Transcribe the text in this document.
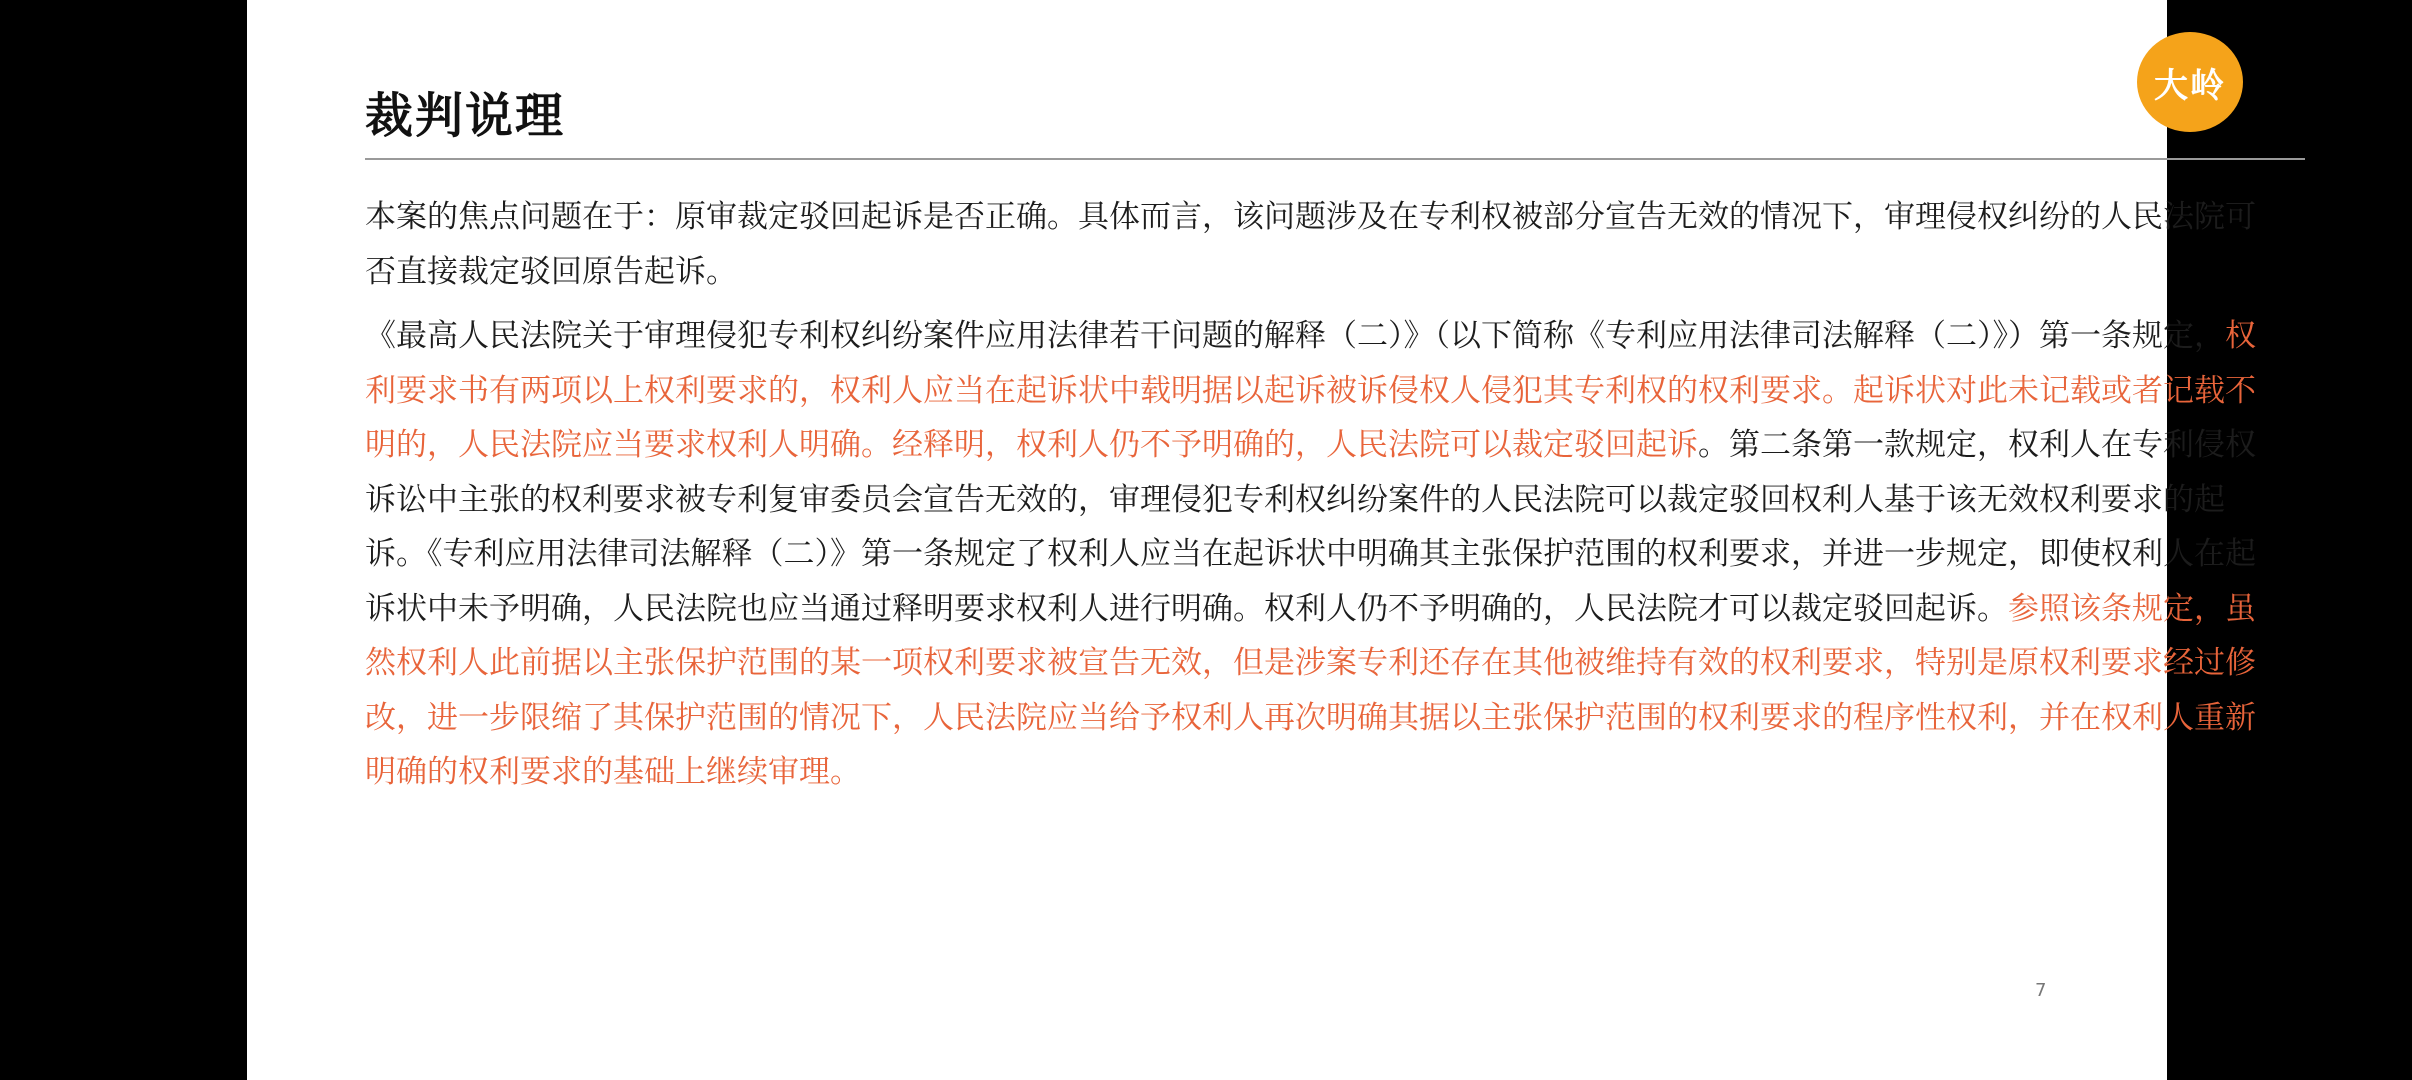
大岭
裁判说理

本案的焦点问题在于：原审裁定驳回起诉是否正确。具体而言，该问题涉及在专利权被部分宣告无效的情况下，审理侵权纠纷的人民法院可否直接裁定驳回原告起诉。

《最高人民法院关于审理侵犯专利权纠纷案件应用法律若干问题的解释（二）》（以下简称《专利应用法律司法解释（二）》）第一条规定，权利要求书有两项以上权利要求的，权利人应当在起诉状中载明据以起诉被诉侵权人侵犯其专利权的权利要求。起诉状对此未记载或者记载不明的，人民法院应当要求权利人明确。经释明，权利人仍不予明确的，人民法院可以裁定驳回起诉。第二条第一款规定，权利人在专利侵权诉讼中主张的权利要求被专利复审委员会宣告无效的，审理侵犯专利权纠纷案件的人民法院可以裁定驳回权利人基于该无效权利要求的起诉。《专利应用法律司法解释（二）》第一条规定了权利人应当在起诉状中明确其主张保护范围的权利要求，并进一步规定，即使权利人在起诉状中未予明确，人民法院也应当通过释明要求权利人进行明确。权利人仍不予明确的，人民法院才可以裁定驳回起诉。参照该条规定，虽然权利人此前据以主张保护范围的某一项权利要求被宣告无效，但是涉案专利还存在其他被维持有效的权利要求，特别是原权利要求经过修改，进一步限缩了其保护范围的情况下，人民法院应当给予权利人再次明确其据以主张保护范围的权利要求的程序性权利，并在权利人重新明确的权利要求的基础上继续审理。

7
